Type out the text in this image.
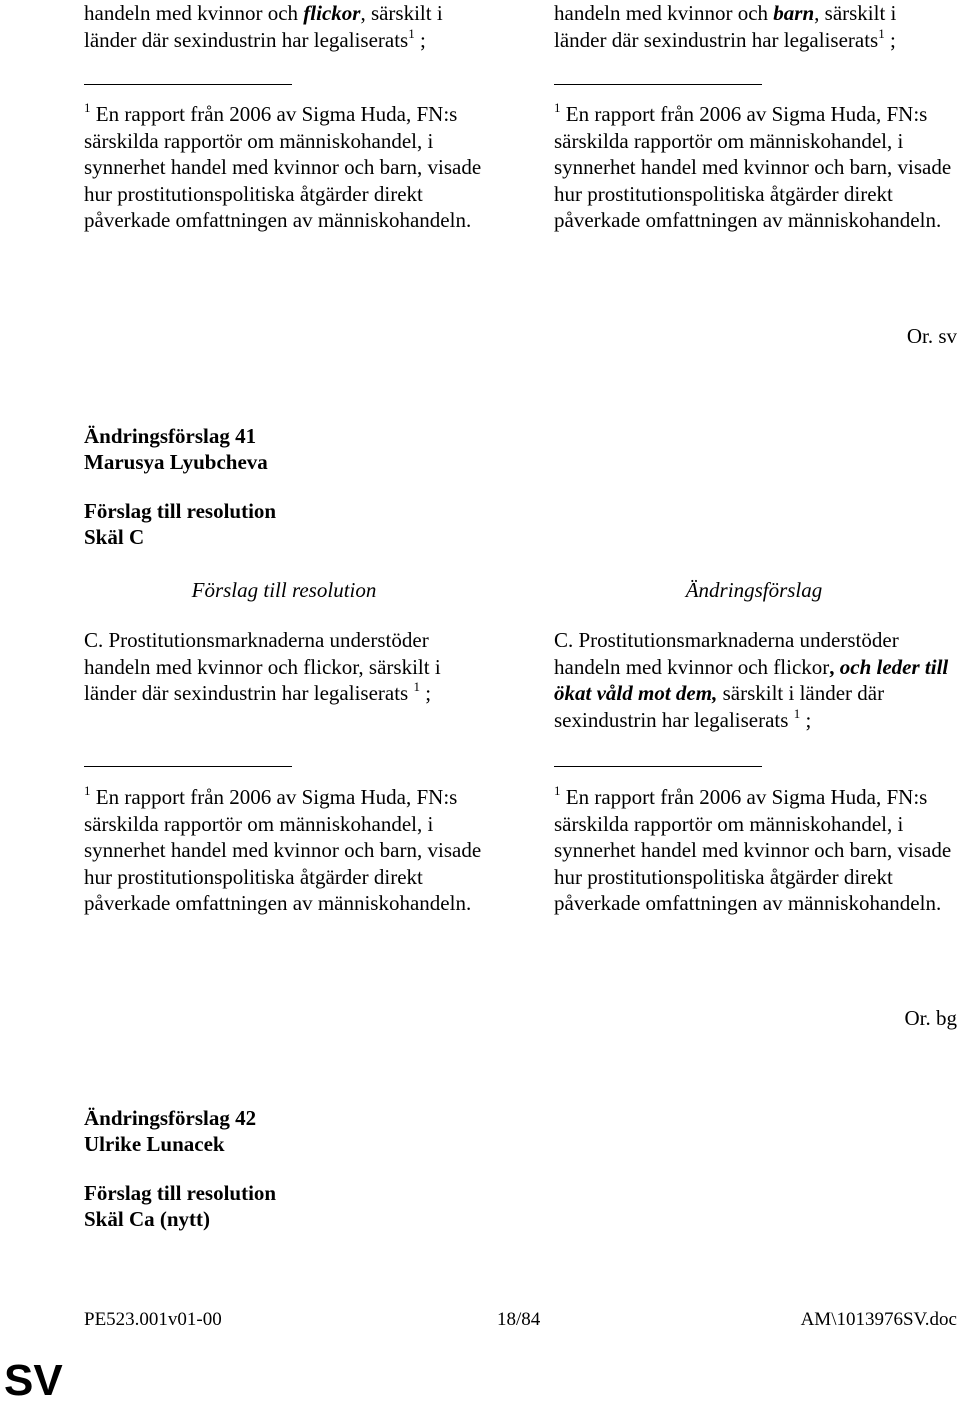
handeln med kvinnor och flickor, särskilt i länder där sexindustrin har legaliserats$^1$ ;

handeln med kvinnor och barn, särskilt i länder där sexindustrin har legaliserats$^1$ ;

$^1$ En rapport från 2006 av Sigma Huda, FN:s särskilda rapportör om människohandel, i synnerhet handel med kvinnor och barn, visade hur prostitutionspolitiska åtgärder direkt påverkade omfattningen av människohandeln.

$^1$ En rapport från 2006 av Sigma Huda, FN:s särskilda rapportör om människohandel, i synnerhet handel med kvinnor och barn, visade hur prostitutionspolitiska åtgärder direkt påverkade omfattningen av människohandeln.

Or. sv
Ändringsförslag 41
Marusya Lyubcheva
Förslag till resolution
Skäl C
Förslag till resolution	Ändringsförslag

C. Prostitutionsmarknaderna understöder handeln med kvinnor och flickor, särskilt i länder där sexindustrin har legaliserats $^1$ ;

C. Prostitutionsmarknaderna understöder handeln med kvinnor och flickor, och leder till ökat våld mot dem, särskilt i länder där sexindustrin har legaliserats $^1$ ;

$^1$ En rapport från 2006 av Sigma Huda, FN:s särskilda rapportör om människohandel, i synnerhet handel med kvinnor och barn, visade hur prostitutionspolitiska åtgärder direkt påverkade omfattningen av människohandeln.

$^1$ En rapport från 2006 av Sigma Huda, FN:s särskilda rapportör om människohandel, i synnerhet handel med kvinnor och barn, visade hur prostitutionspolitiska åtgärder direkt påverkade omfattningen av människohandeln.

Or. bg
Ändringsförslag 42
Ulrike Lunacek
Förslag till resolution
Skäl Ca (nytt)
PE523.001v01-00	18/84	AM\1013976SV.doc
SV
